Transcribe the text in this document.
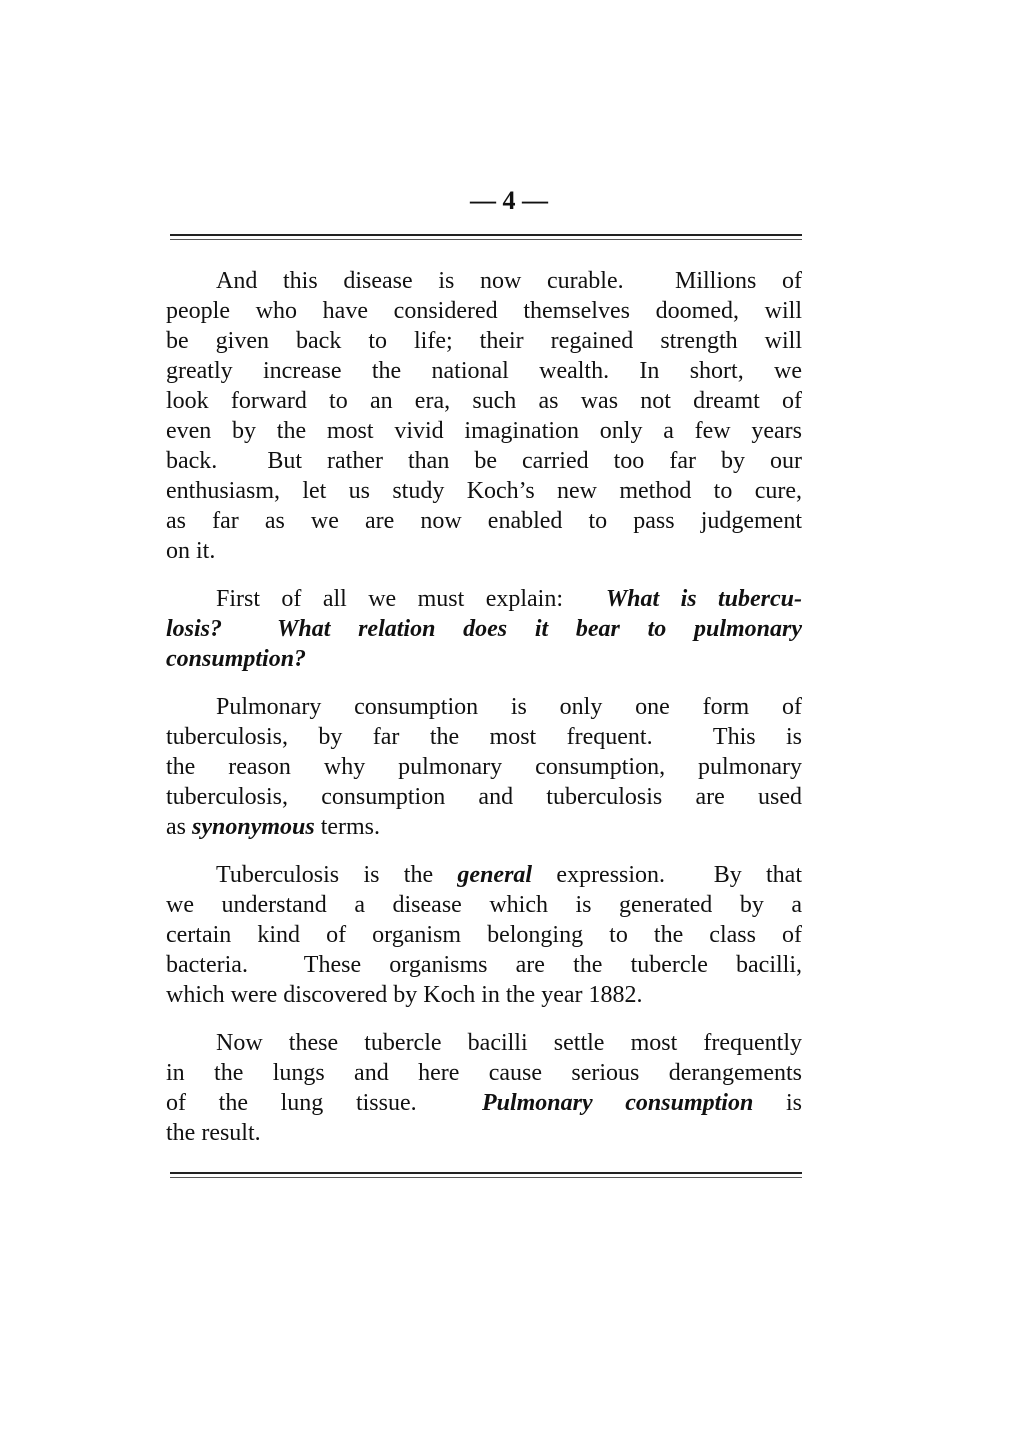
— 4 —
And this disease is now curable.  Millions of
people who have considered themselves doomed, will
be given back to life; their regained strength will
greatly increase the national wealth. In short, we
look forward to an era, such as was not dreamt of
even by the most vivid imagination only a few years
back.  But rather than be carried too far by our
enthusiasm, let us study Koch’s new method to cure,
as far as we are now enabled to pass judgement
on it.
First of all we must explain:  What is tubercu-
losis?  What relation does it bear to pulmonary
consumption?
Pulmonary consumption is only one form of
tuberculosis, by far the most frequent.  This is
the reason why pulmonary consumption, pulmonary
tuberculosis, consumption and tuberculosis are used
as synonymous terms.
Tuberculosis is the general expression.  By that
we understand a disease which is generated by a
certain kind of organism belonging to the class of
bacteria.  These organisms are the tubercle bacilli,
which were discovered by Koch in the year 1882.
Now these tubercle bacilli settle most frequently
in the lungs and here cause serious derangements
of the lung tissue.  Pulmonary consumption is
the result.
